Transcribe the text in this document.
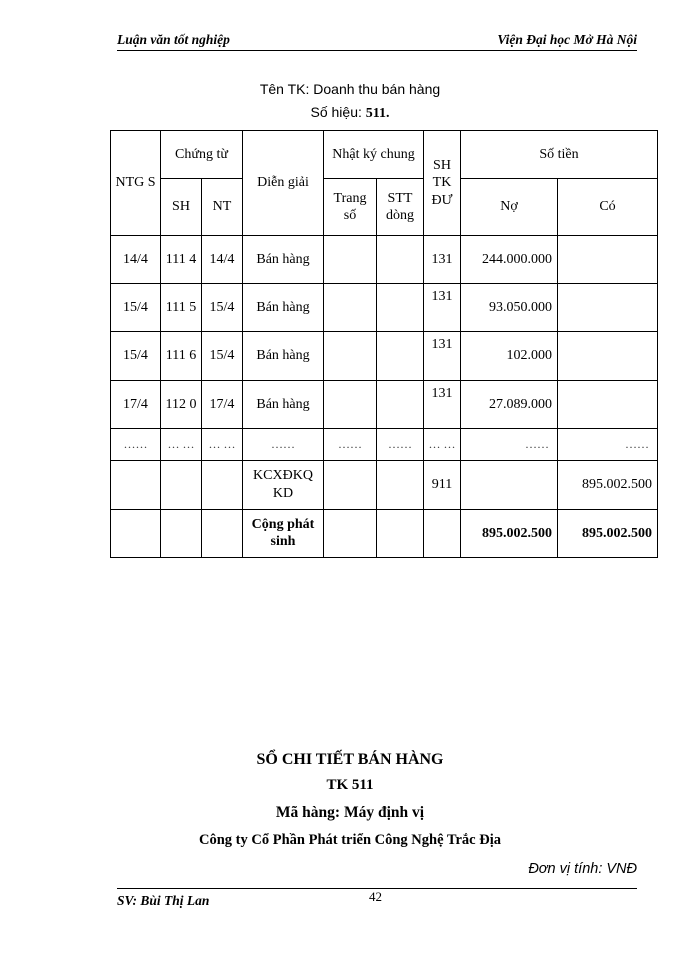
Luận văn tốt nghiệp	Viện Đại học Mở Hà Nội
Tên TK: Doanh thu bán hàng
Số hiệu: 511.
NTG S	Chứng từ		Diễn giải	Nhật ký chung		SH TK ĐƯ	Số tiền	
	SH	NT		Trang số	STT dòng		Nợ	Có
14/4	111 4	14/4	Bán hàng			131	244.000.000	
15/4	111 5	15/4	Bán hàng			131	93.050.000	
15/4	111 6	15/4	Bán hàng			131	102.000	
17/4	112 0	17/4	Bán hàng			131	27.089.000	
……	… …	… …	……	……	……	… …	……	……
			KCXĐKQ KD			911		895.002.500
			Cộng phát sinh				895.002.500	895.002.500
SỔ CHI TIẾT BÁN HÀNG
TK 511
Mã hàng: Máy định vị
Công ty Cổ Phần Phát triển Công Nghệ Trắc Địa
Đơn vị tính: VNĐ
SV: Bùi Thị Lan	42
